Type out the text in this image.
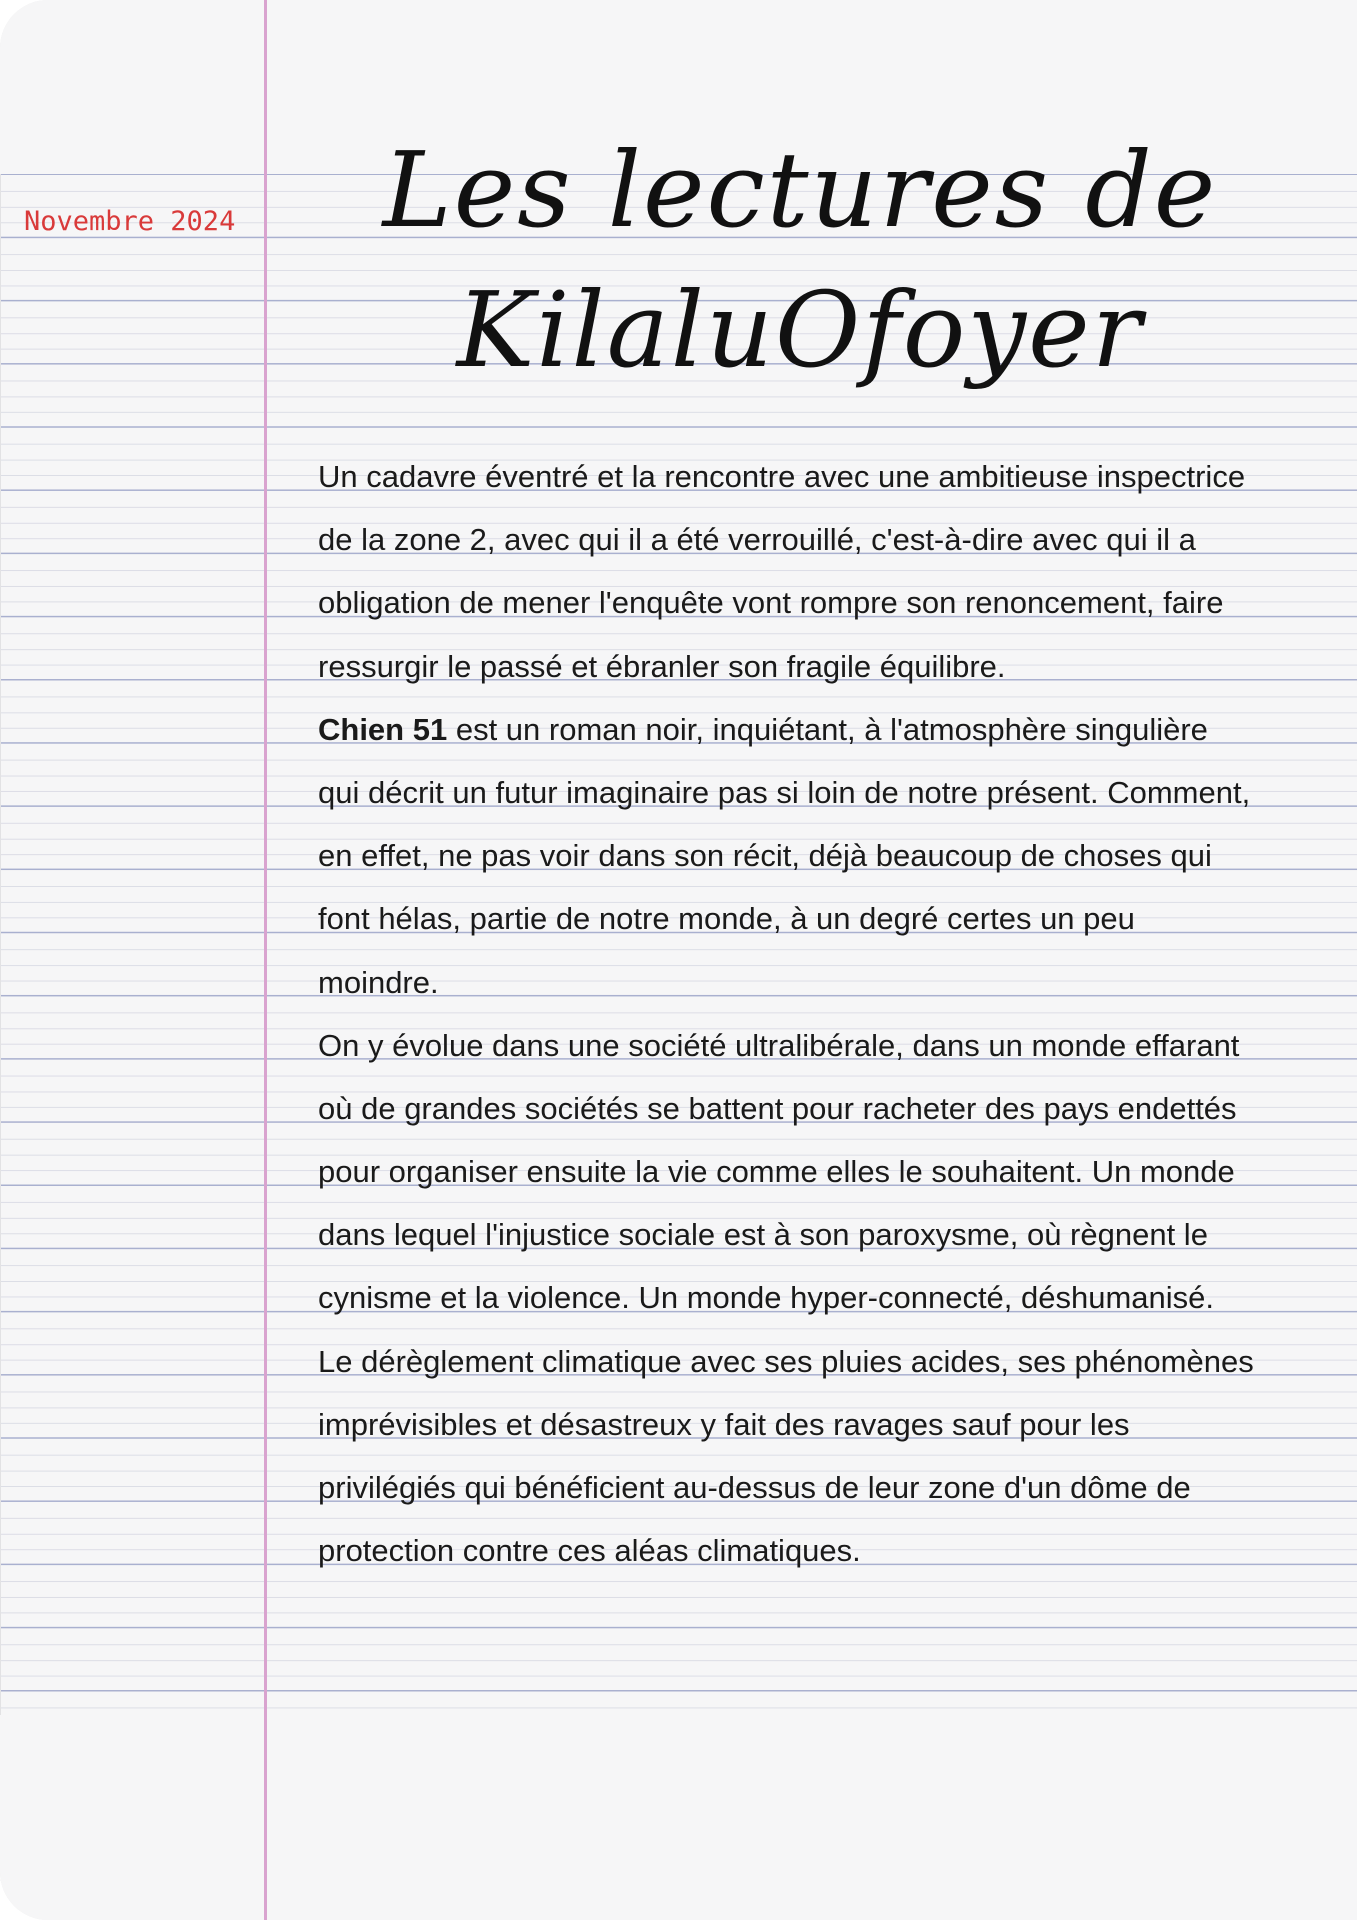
Novembre 2024	Les lectures de
KilaluOfoyer
Un cadavre éventré et la rencontre avec une ambitieuse inspectrice
de la zone 2, avec qui il a été verrouillé, c'est-à-dire avec qui il a
obligation de mener l'enquête vont rompre son renoncement, faire
ressurgir le passé et ébranler son fragile équilibre.
Chien 51 est un roman noir, inquiétant, à l'atmosphère singulière
qui décrit un futur imaginaire pas si loin de notre présent. Comment,
en effet, ne pas voir dans son récit, déjà beaucoup de choses qui
font hélas, partie de notre monde, à un degré certes un peu
moindre.
On y évolue dans une société ultralibérale, dans un monde effarant
où de grandes sociétés se battent pour racheter des pays endettés
pour organiser ensuite la vie comme elles le souhaitent. Un monde
dans lequel l'injustice sociale est à son paroxysme, où règnent le
cynisme et la violence. Un monde hyper-connecté, déshumanisé.
Le dérèglement climatique avec ses pluies acides, ses phénomènes
imprévisibles et désastreux y fait des ravages sauf pour les
privilégiés qui bénéficient au-dessus de leur zone d'un dôme de
protection contre ces aléas climatiques.
